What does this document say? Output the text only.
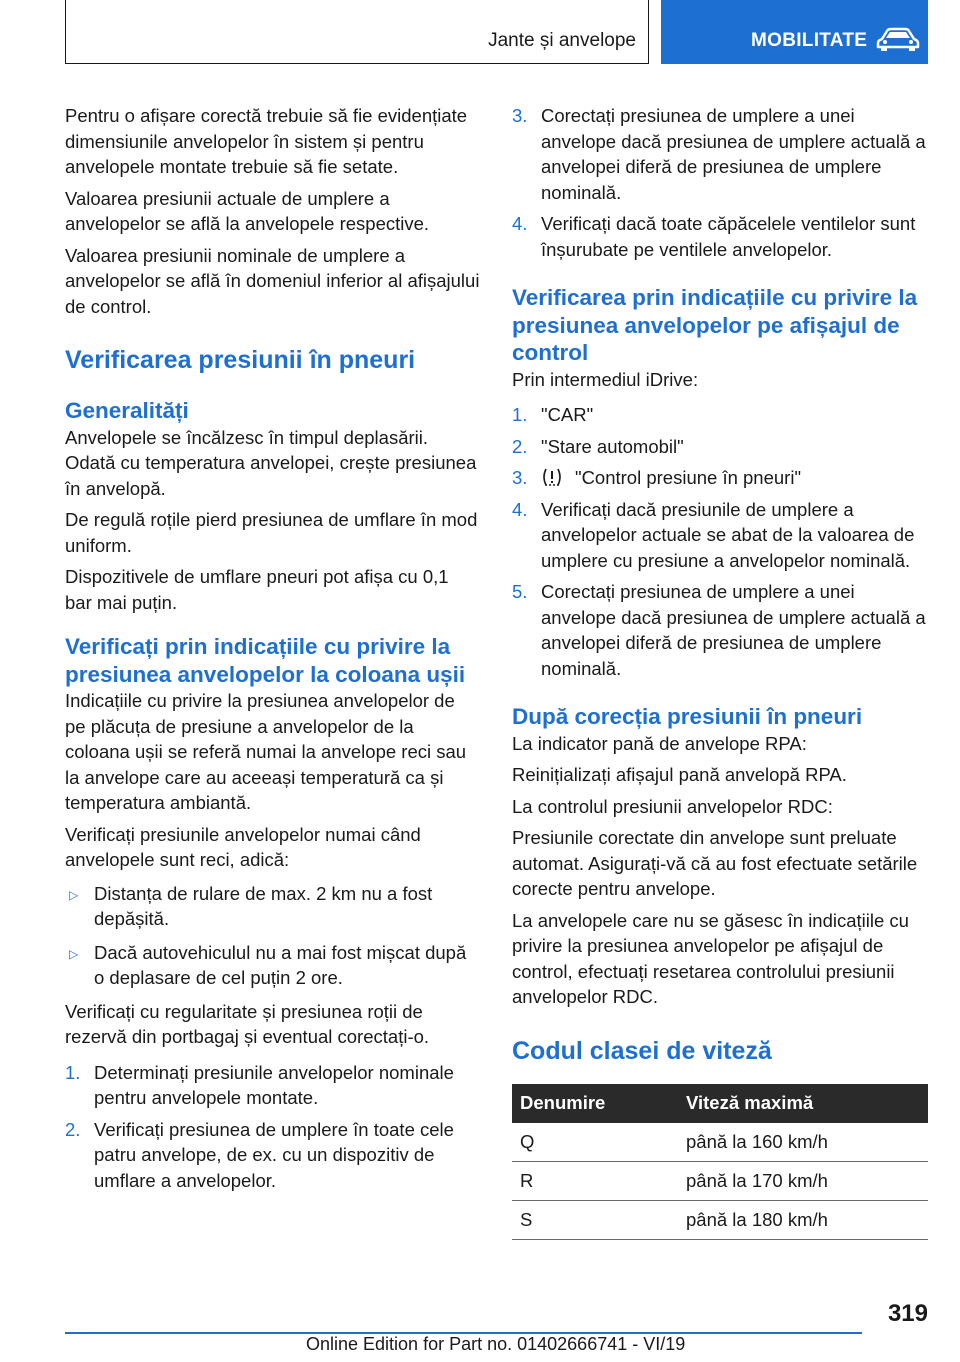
Jante și anvelope	MOBILITATE

Pentru o afișare corectă trebuie să fie evidențiate dimensiunile anvelopelor în sistem și pentru anvelopele montate trebuie să fie setate.

Valoarea presiunii actuale de umplere a anvelopelor se află la anvelopele respective.

Valoarea presiunii nominale de umplere a anvelopelor se află în domeniul inferior al afișajului de control.

Verificarea presiunii în pneuri
Generalități

Anvelopele se încălzesc în timpul deplasării. Odată cu temperatura anvelopei, crește presiunea în anvelopă.

De regulă roțile pierd presiunea de umflare în mod uniform.

Dispozitivele de umflare pneuri pot afișa cu 0,1 bar mai puțin.

Verificați prin indicațiile cu privire la presiunea anvelopelor la coloana ușii

Indicațiile cu privire la presiunea anvelopelor de pe plăcuța de presiune a anvelopelor de la coloana ușii se referă numai la anvelope reci sau la anvelope care au aceeași temperatură ca și temperatura ambiantă.

Verificați presiunile anvelopelor numai când anvelopele sunt reci, adică:

▷ Distanța de rulare de max. 2 km nu a fost depășită.
▷ Dacă autovehiculul nu a mai fost mișcat după o deplasare de cel puțin 2 ore.

Verificați cu regularitate și presiunea roții de rezervă din portbagaj și eventual corectați-o.

1. Determinați presiunile anvelopelor nominale pentru anvelopele montate.
2. Verificați presiunea de umplere în toate cele patru anvelope, de ex. cu un dispozitiv de umflare a anvelopelor.
3. Corectați presiunea de umplere a unei anvelope dacă presiunea de umplere actuală a anvelopei diferă de presiunea de umplere nominală.
4. Verificați dacă toate căpăcelele ventilelor sunt înșurubate pe ventilele anvelopelor.
Verificarea prin indicațiile cu privire la presiunea anvelopelor pe afișajul de control

Prin intermediul iDrive:

1. "CAR"
2. "Stare automobil"
3.	"Control presiune în pneuri"
4. Verificați dacă presiunile de umplere a anvelopelor actuale se abat de la valoarea de umplere cu presiune a anvelopelor nominală.
5. Corectați presiunea de umplere a unei anvelope dacă presiunea de umplere actuală a anvelopei diferă de presiunea de umplere nominală.
După corecția presiunii în pneuri

La indicator pană de anvelope RPA:

Reinițializați afișajul pană anvelopă RPA.

La controlul presiunii anvelopelor RDC:

Presiunile corectate din anvelope sunt preluate automat. Asigurați-vă că au fost efectuate setările corecte pentru anvelope.

La anvelopele care nu se găsesc în indicațiile cu privire la presiunea anvelopelor pe afișajul de control, efectuați resetarea controlului presiunii anvelopelor RDC.

Codul clasei de viteză
Denumire	Viteză maximă
Q	până la 160 km/h
R	până la 170 km/h
S	până la 180 km/h
319
Online Edition for Part no. 01402666741 - VI/19
